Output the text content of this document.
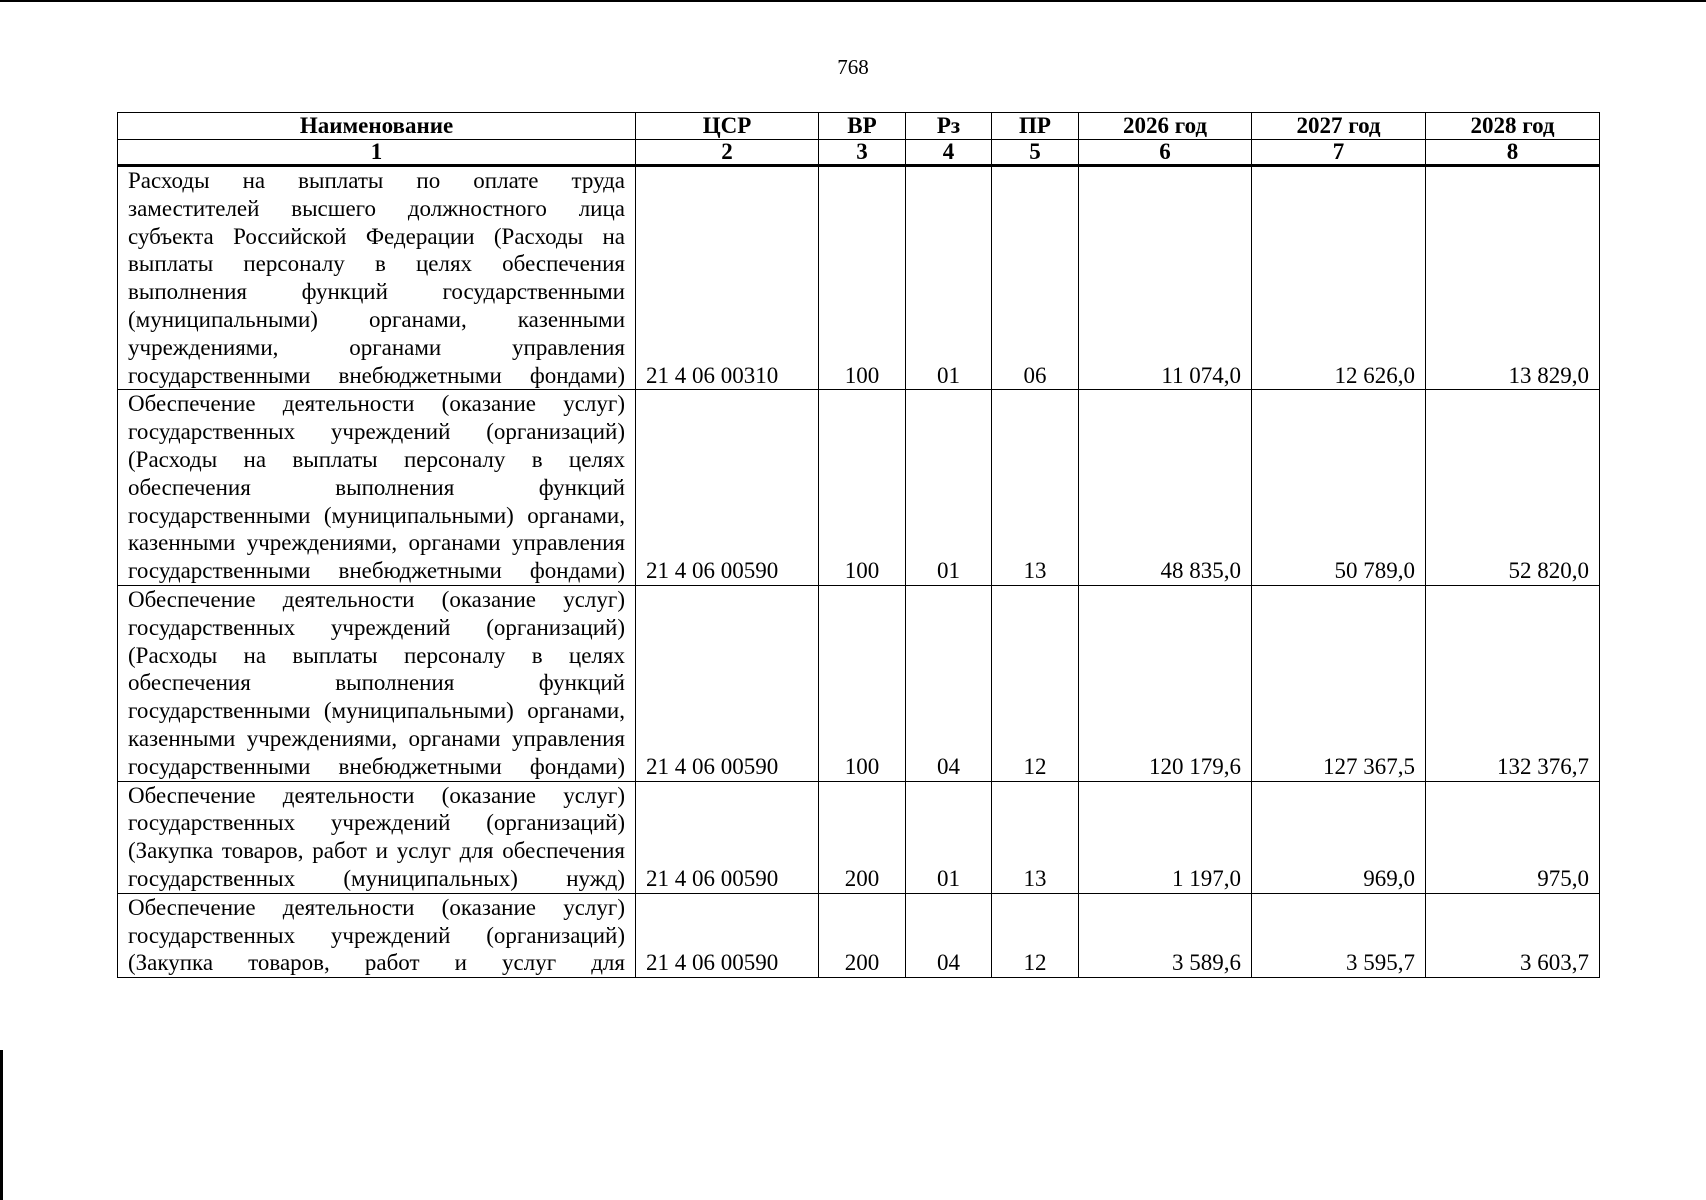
768
Наименование	ЦСР	ВР	Рз	ПР	2026 год	2027 год	2028 год
1	2	3	4	5	6	7	8
Расходы на выплаты по оплате труда заместителей высшего должностного лица субъекта Российской Федерации (Расходы на выплаты персоналу в целях обеспечения выполнения функций государственными (муниципальными) органами, казенными учреждениями, органами управления государственными внебюджетными фондами)	21 4 06 00310	100	01	06	11 074,0	12 626,0	13 829,0
Обеспечение деятельности (оказание услуг) государственных учреждений (организаций) (Расходы на выплаты персоналу в целях обеспечения выполнения функций государственными (муниципальными) органами, казенными учреждениями, органами управления государственными внебюджетными фондами)	21 4 06 00590	100	01	13	48 835,0	50 789,0	52 820,0
Обеспечение деятельности (оказание услуг) государственных учреждений (организаций) (Расходы на выплаты персоналу в целях обеспечения выполнения функций государственными (муниципальными) органами, казенными учреждениями, органами управления государственными внебюджетными фондами)	21 4 06 00590	100	04	12	120 179,6	127 367,5	132 376,7
Обеспечение деятельности (оказание услуг) государственных учреждений (организаций) (Закупка товаров, работ и услуг для обеспечения государственных (муниципальных) нужд)	21 4 06 00590	200	01	13	1 197,0	969,0	975,0
Обеспечение деятельности (оказание услуг) государственных учреждений (организаций) (Закупка товаров, работ и услуг для	21 4 06 00590	200	04	12	3 589,6	3 595,7	3 603,7
